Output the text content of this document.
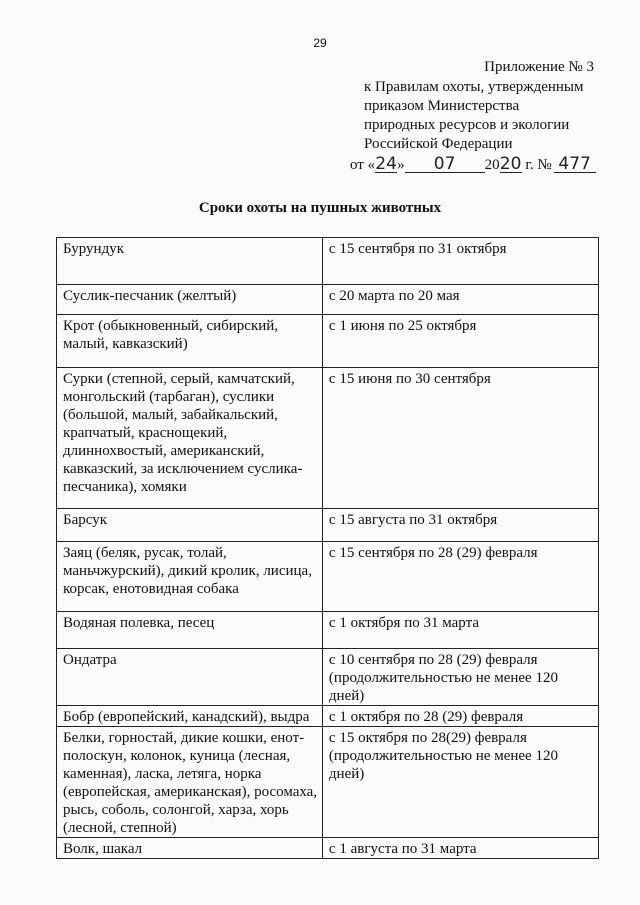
29
Приложение № 3
к Правилам охоты, утвержденным
приказом Министерства
природных ресурсов и экологии
Российской Федерации
от «24» 07 2020 г. № 477
Сроки охоты на пушных животных
Бурундук	с 15 сентября по 31 октября
Суслик-песчаник (желтый)	с 20 марта по 20 мая
Крот (обыкновенный, сибирский, малый, кавказский)	с 1 июня по 25 октября
Сурки (степной, серый, камчатский, монгольский (тарбаган), суслики (большой, малый, забайкальский, крапчатый, краснощекий, длиннохвостый, американский, кавказский, за исключением суслика-песчаника), хомяки	с 15 июня по 30 сентября
Барсук	с 15 августа по 31 октября
Заяц (беляк, русак, толай, маньчжурский), дикий кролик, лисица, корсак, енотовидная собака	с 15 сентября по 28 (29) февраля
Водяная полевка, песец	с 1 октября по 31 марта
Ондатра	с 10 сентября по 28 (29) февраля (продолжительностью не менее 120 дней)
Бобр (европейский, канадский), выдра	с 1 октября по 28 (29) февраля
Белки, горностай, дикие кошки, енот-полоскун, колонок, куница (лесная, каменная), ласка, летяга, норка (европейская, американская), росомаха, рысь, соболь, солонгой, харза, хорь (лесной, степной)	с 15 октября по 28(29) февраля (продолжительностью не менее 120 дней)
Волк, шакал	с 1 августа по 31 марта
